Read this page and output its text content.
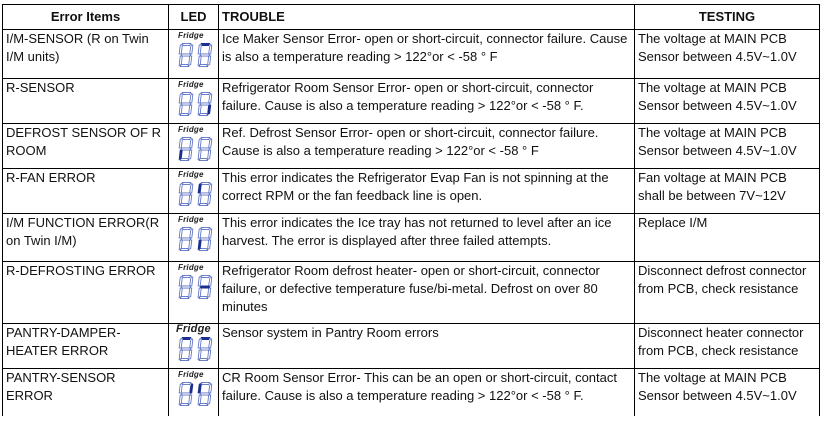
Error Items	LED	TROUBLE	TESTING
I/M-SENSOR (R on Twin I/M units)	Fridge	Ice Maker Sensor Error- open or short-circuit, connector failure. Cause is also a temperature reading > 122°or < -58 ° F	The voltage at MAIN PCB Sensor between 4.5V~1.0V
R-SENSOR	Fridge	Refrigerator Room Sensor Error- open or short-circuit, connector failure. Cause is also a temperature reading > 122°or < -58 ° F.	The voltage at MAIN PCB Sensor between 4.5V~1.0V
DEFROST SENSOR OF R ROOM	Fridge	Ref. Defrost Sensor Error- open or short-circuit, connector failure. Cause is also a temperature reading > 122°or < -58 ° F	The voltage at MAIN PCB Sensor between 4.5V~1.0V
R-FAN ERROR	Fridge	This error indicates the Refrigerator Evap Fan is not spinning at the correct RPM or the fan feedback line is open.	Fan voltage at MAIN PCB shall be between 7V~12V
I/M FUNCTION ERROR(R on Twin I/M)	Fridge	This error indicates the Ice tray has not returned to level after an ice harvest. The error is displayed after three failed attempts.	Replace I/M
R-DEFROSTING ERROR	Fridge	Refrigerator Room defrost heater- open or short-circuit, connector failure, or defective temperature fuse/bi-metal. Defrost on over 80 minutes	Disconnect defrost connector from PCB, check resistance
PANTRY-DAMPER-HEATER ERROR	Fridge	Sensor system in Pantry Room errors	Disconnect heater connector from PCB, check resistance
PANTRY-SENSOR ERROR	Fridge	CR Room Sensor Error- This can be an open or short-circuit, contact failure. Cause is also a temperature reading > 122°or < -58 ° F.	The voltage at MAIN PCB Sensor between 4.5V~1.0V
